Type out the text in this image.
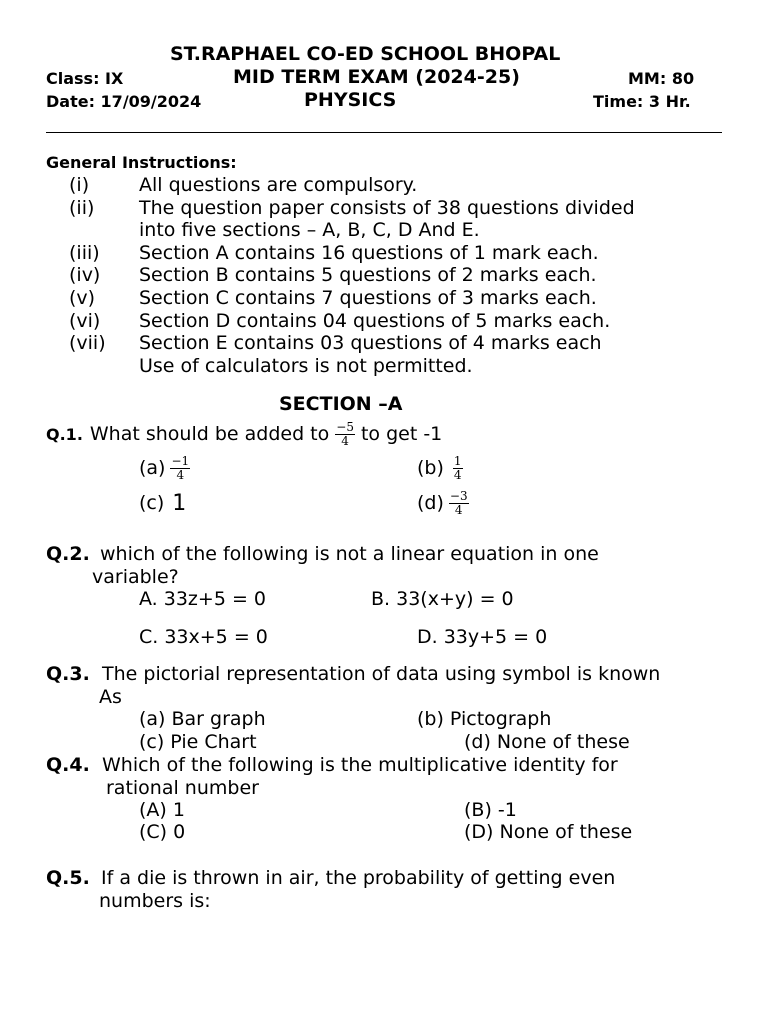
ST.RAPHAEL CO-ED SCHOOL BHOPAL
Class: IX	MID TERM EXAM (2024-25)	MM: 80
Date: 17/09/2024	PHYSICS	Time: 3 Hr.
General Instructions:
(i)	All questions are compulsory.
(ii) The question paper consists of 38 questions divided
into five sections – A, B, C, D And E.
(iii) Section A contains 16 questions of 1 mark each.
(iv) Section B contains 5 questions of 2 marks each.
(v) Section C contains 7 questions of 3 marks each.
(vi) Section D contains 04 questions of 5 marks each.
(vii) Section E contains 03 questions of 4 marks each
Use of calculators is not permitted.
SECTION –A
Q.1. What should be added to $\frac{-5}{4}$ to get -1
$(a) \frac{-1}{4}$	$(b) \frac{1}{4}$
(c) 1	$(d) \frac{-3}{4}$
Q.2. which of the following is not a linear equation in one
variable?
A. 33z+5 = 0	B. 33(x+y) = 0
C. 33x+5 = 0	D. 33y+5 = 0
Q.3. The pictorial representation of data using symbol is known
As
(a) Bar graph	(b) Pictograph
(c) Pie Chart	(d) None of these
Q.4. Which of the following is the multiplicative identity for
rational number
(A) 1	(B) -1
(C) 0	(D) None of these
Q.5. If a die is thrown in air, the probability of getting even
numbers is:
